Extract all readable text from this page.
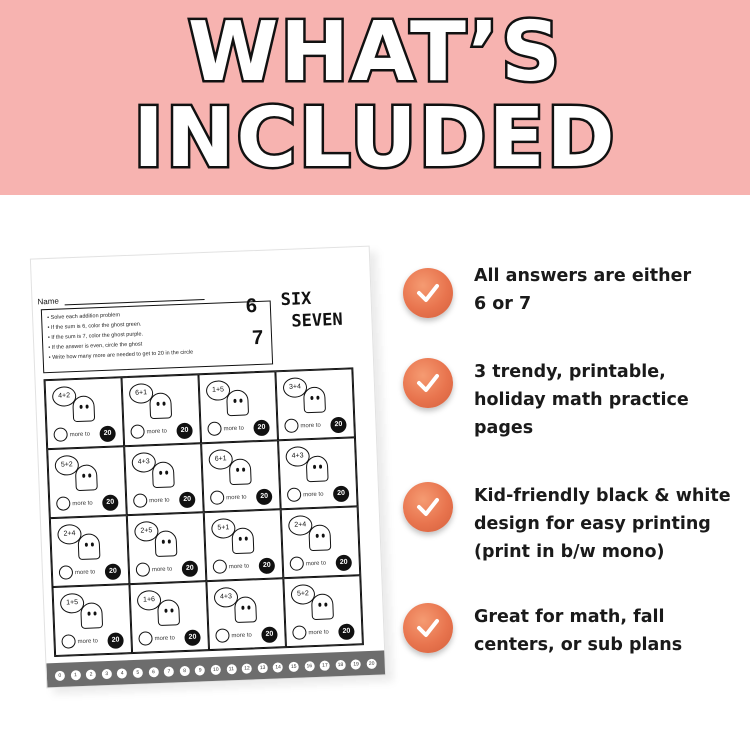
WHAT’S
INCLUDED
Name
• Solve each addition problem
• If the sum is 6, color the ghost green.
• If the sum is 7, color the ghost purple.
• If the answer is even, circle the ghost
• Write how many more are needed to get to 20 in the circle
6
7
SIX
SEVEN
4+2
more to	20
6+1
more to	20
1+5
more to	20
3+4
more to	20
5+2
more to	20
4+3
more to	20
6+1
more to	20
4+3
more to	20
2+4
more to	20
2+5
more to	20
5+1
more to	20
2+4
more to	20
1+5
more to	20
1+6
more to	20
4+3
more to	20
5+2
more to	20
0	1	2	3	4	5	6	7	8	9	10	11	12	13	14	15	16	17	18	19	20
All answers are either
6 or 7
3 trendy, printable,
holiday math practice
pages
Kid-friendly black & white
design for easy printing
(print in b/w mono)
Great for math, fall
centers, or sub plans
